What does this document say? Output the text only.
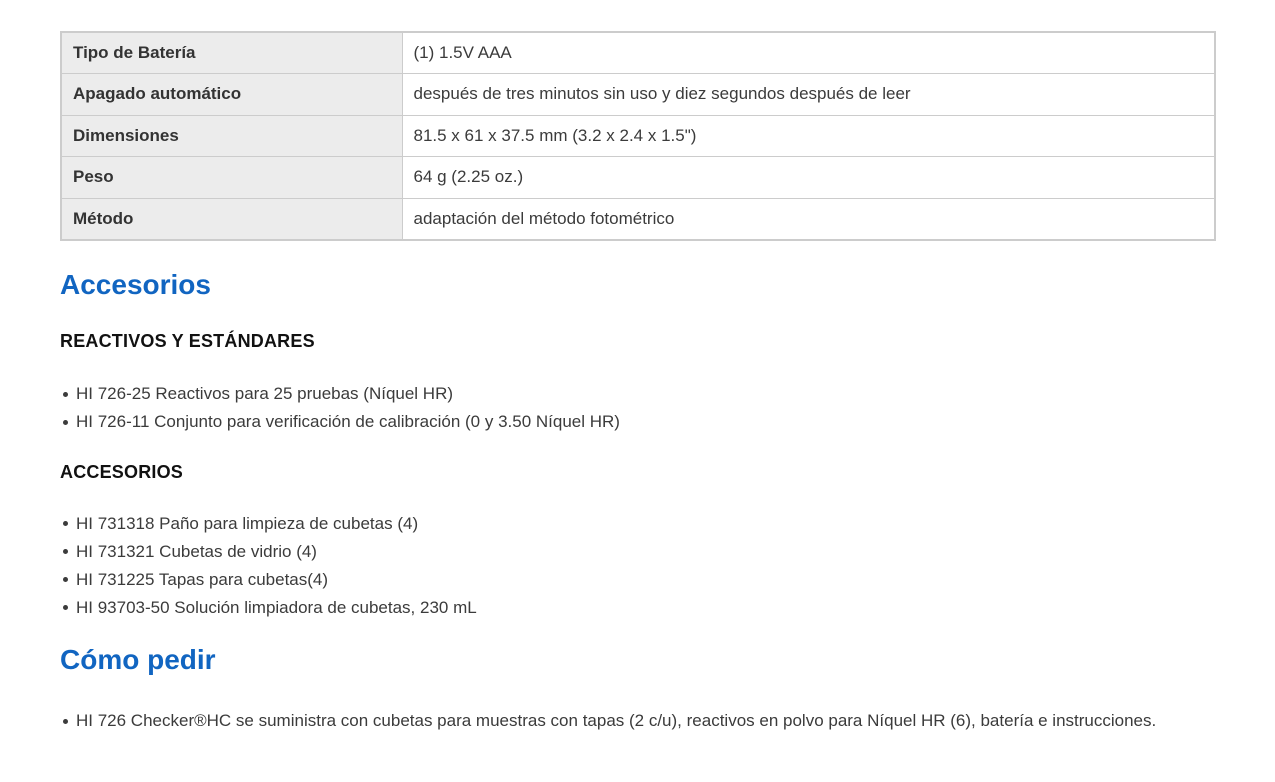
Tipo de Batería	(1) 1.5V AAA
Apagado automático	después de tres minutos sin uso y diez segundos después de leer
Dimensiones	81.5 x 61 x 37.5 mm (3.2 x 2.4 x 1.5")
Peso	64 g (2.25 oz.)
Método	adaptación del método fotométrico
Accesorios
REACTIVOS Y ESTÁNDARES
HI 726-25 Reactivos para 25 pruebas (Níquel HR)
HI 726-11 Conjunto para verificación de calibración (0 y 3.50 Níquel HR)
ACCESORIOS
HI 731318 Paño para limpieza de cubetas (4)
HI 731321 Cubetas de vidrio (4)
HI 731225 Tapas para cubetas(4)
HI 93703-50 Solución limpiadora de cubetas, 230 mL
Cómo pedir
HI 726 Checker®HC se suministra con cubetas para muestras con tapas (2 c/u), reactivos en polvo para Níquel HR (6), batería e instrucciones.
